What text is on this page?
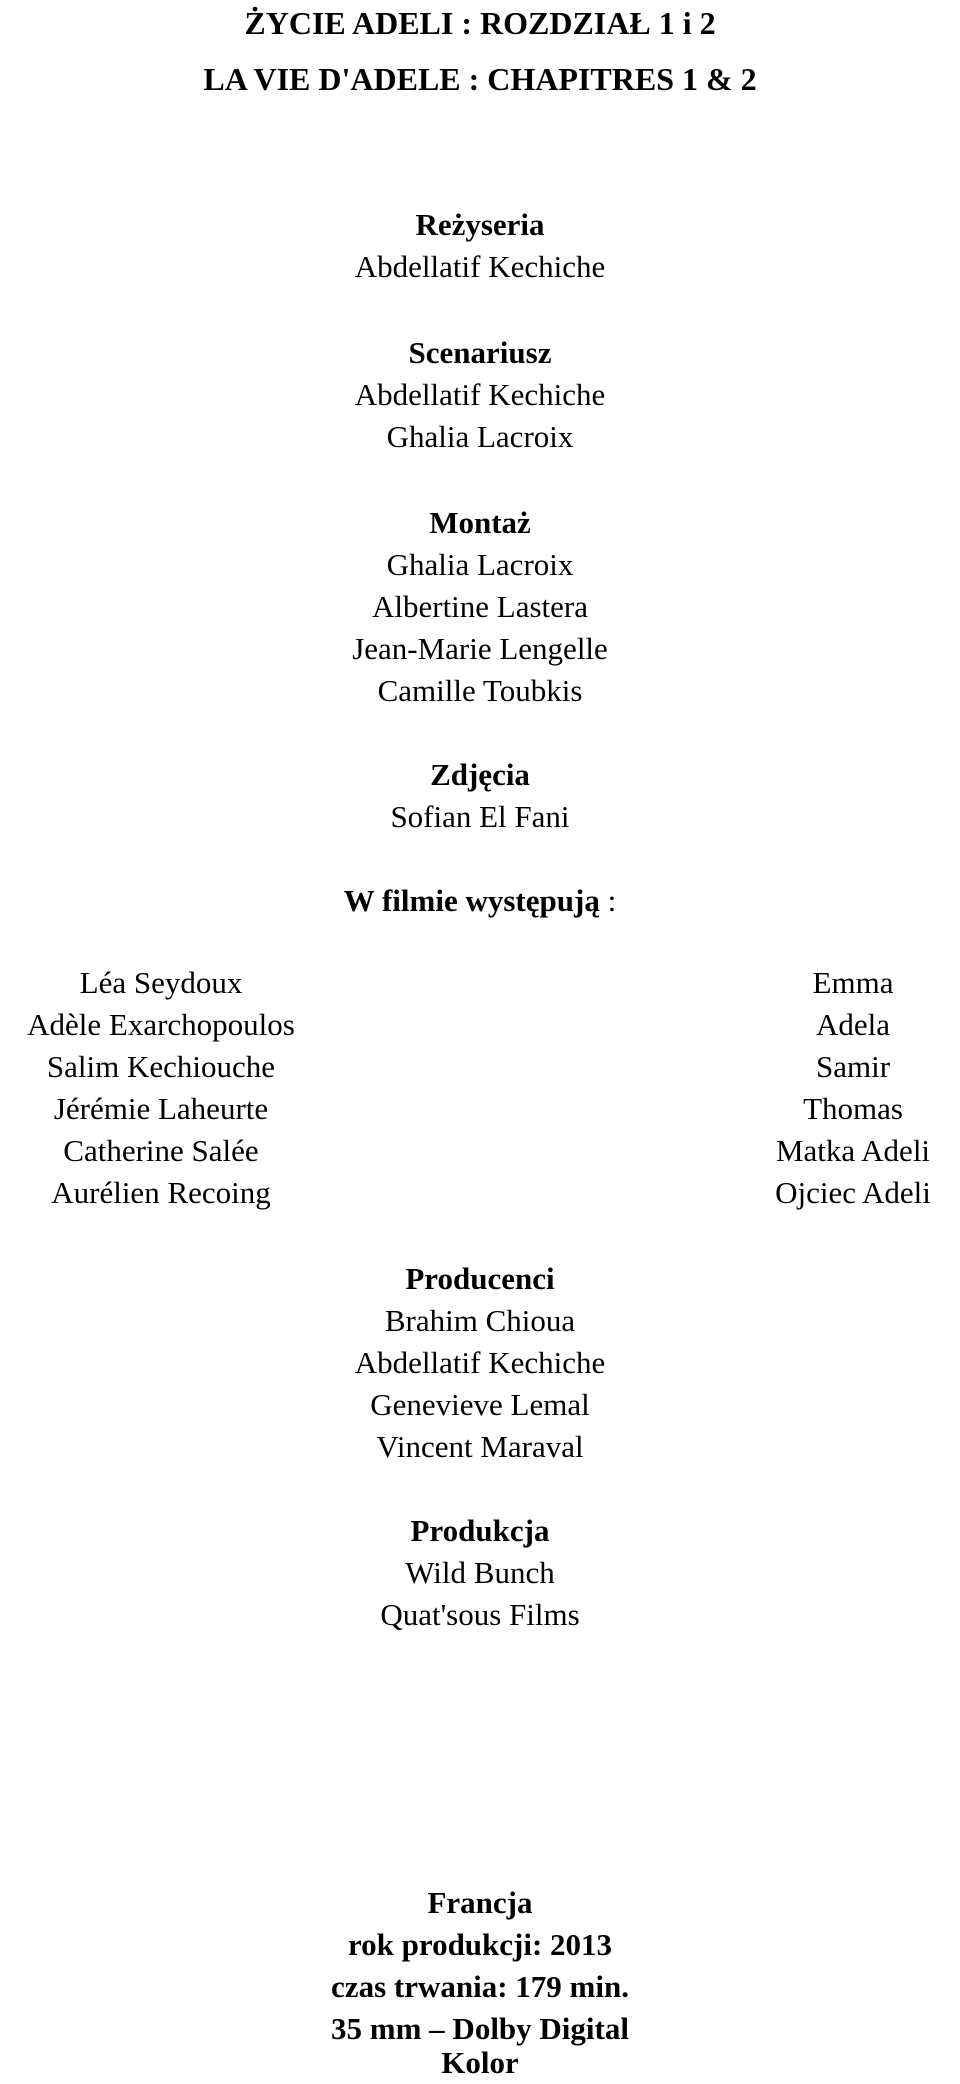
ŻYCIE ADELI : ROZDZIAŁ 1 i 2
LA VIE D'ADELE : CHAPITRES 1 & 2
Reżyseria
Abdellatif Kechiche
Scenariusz
Abdellatif Kechiche
Ghalia Lacroix
Montaż
Ghalia Lacroix
Albertine Lastera
Jean-Marie Lengelle
Camille Toubkis
Zdjęcia
Sofian El Fani
W filmie występują :
Léa Seydoux
Adèle Exarchopoulos
Salim Kechiouche
Jérémie Laheurte
Catherine Salée
Aurélien Recoing
Emma
Adela
Samir
Thomas
Matka Adeli
Ojciec Adeli
Producenci
Brahim Chioua
Abdellatif Kechiche
Genevieve Lemal
Vincent Maraval
Produkcja
Wild Bunch
Quat'sous Films
Francja
rok produkcji: 2013
czas trwania: 179 min.
35 mm – Dolby Digital
Kolor
